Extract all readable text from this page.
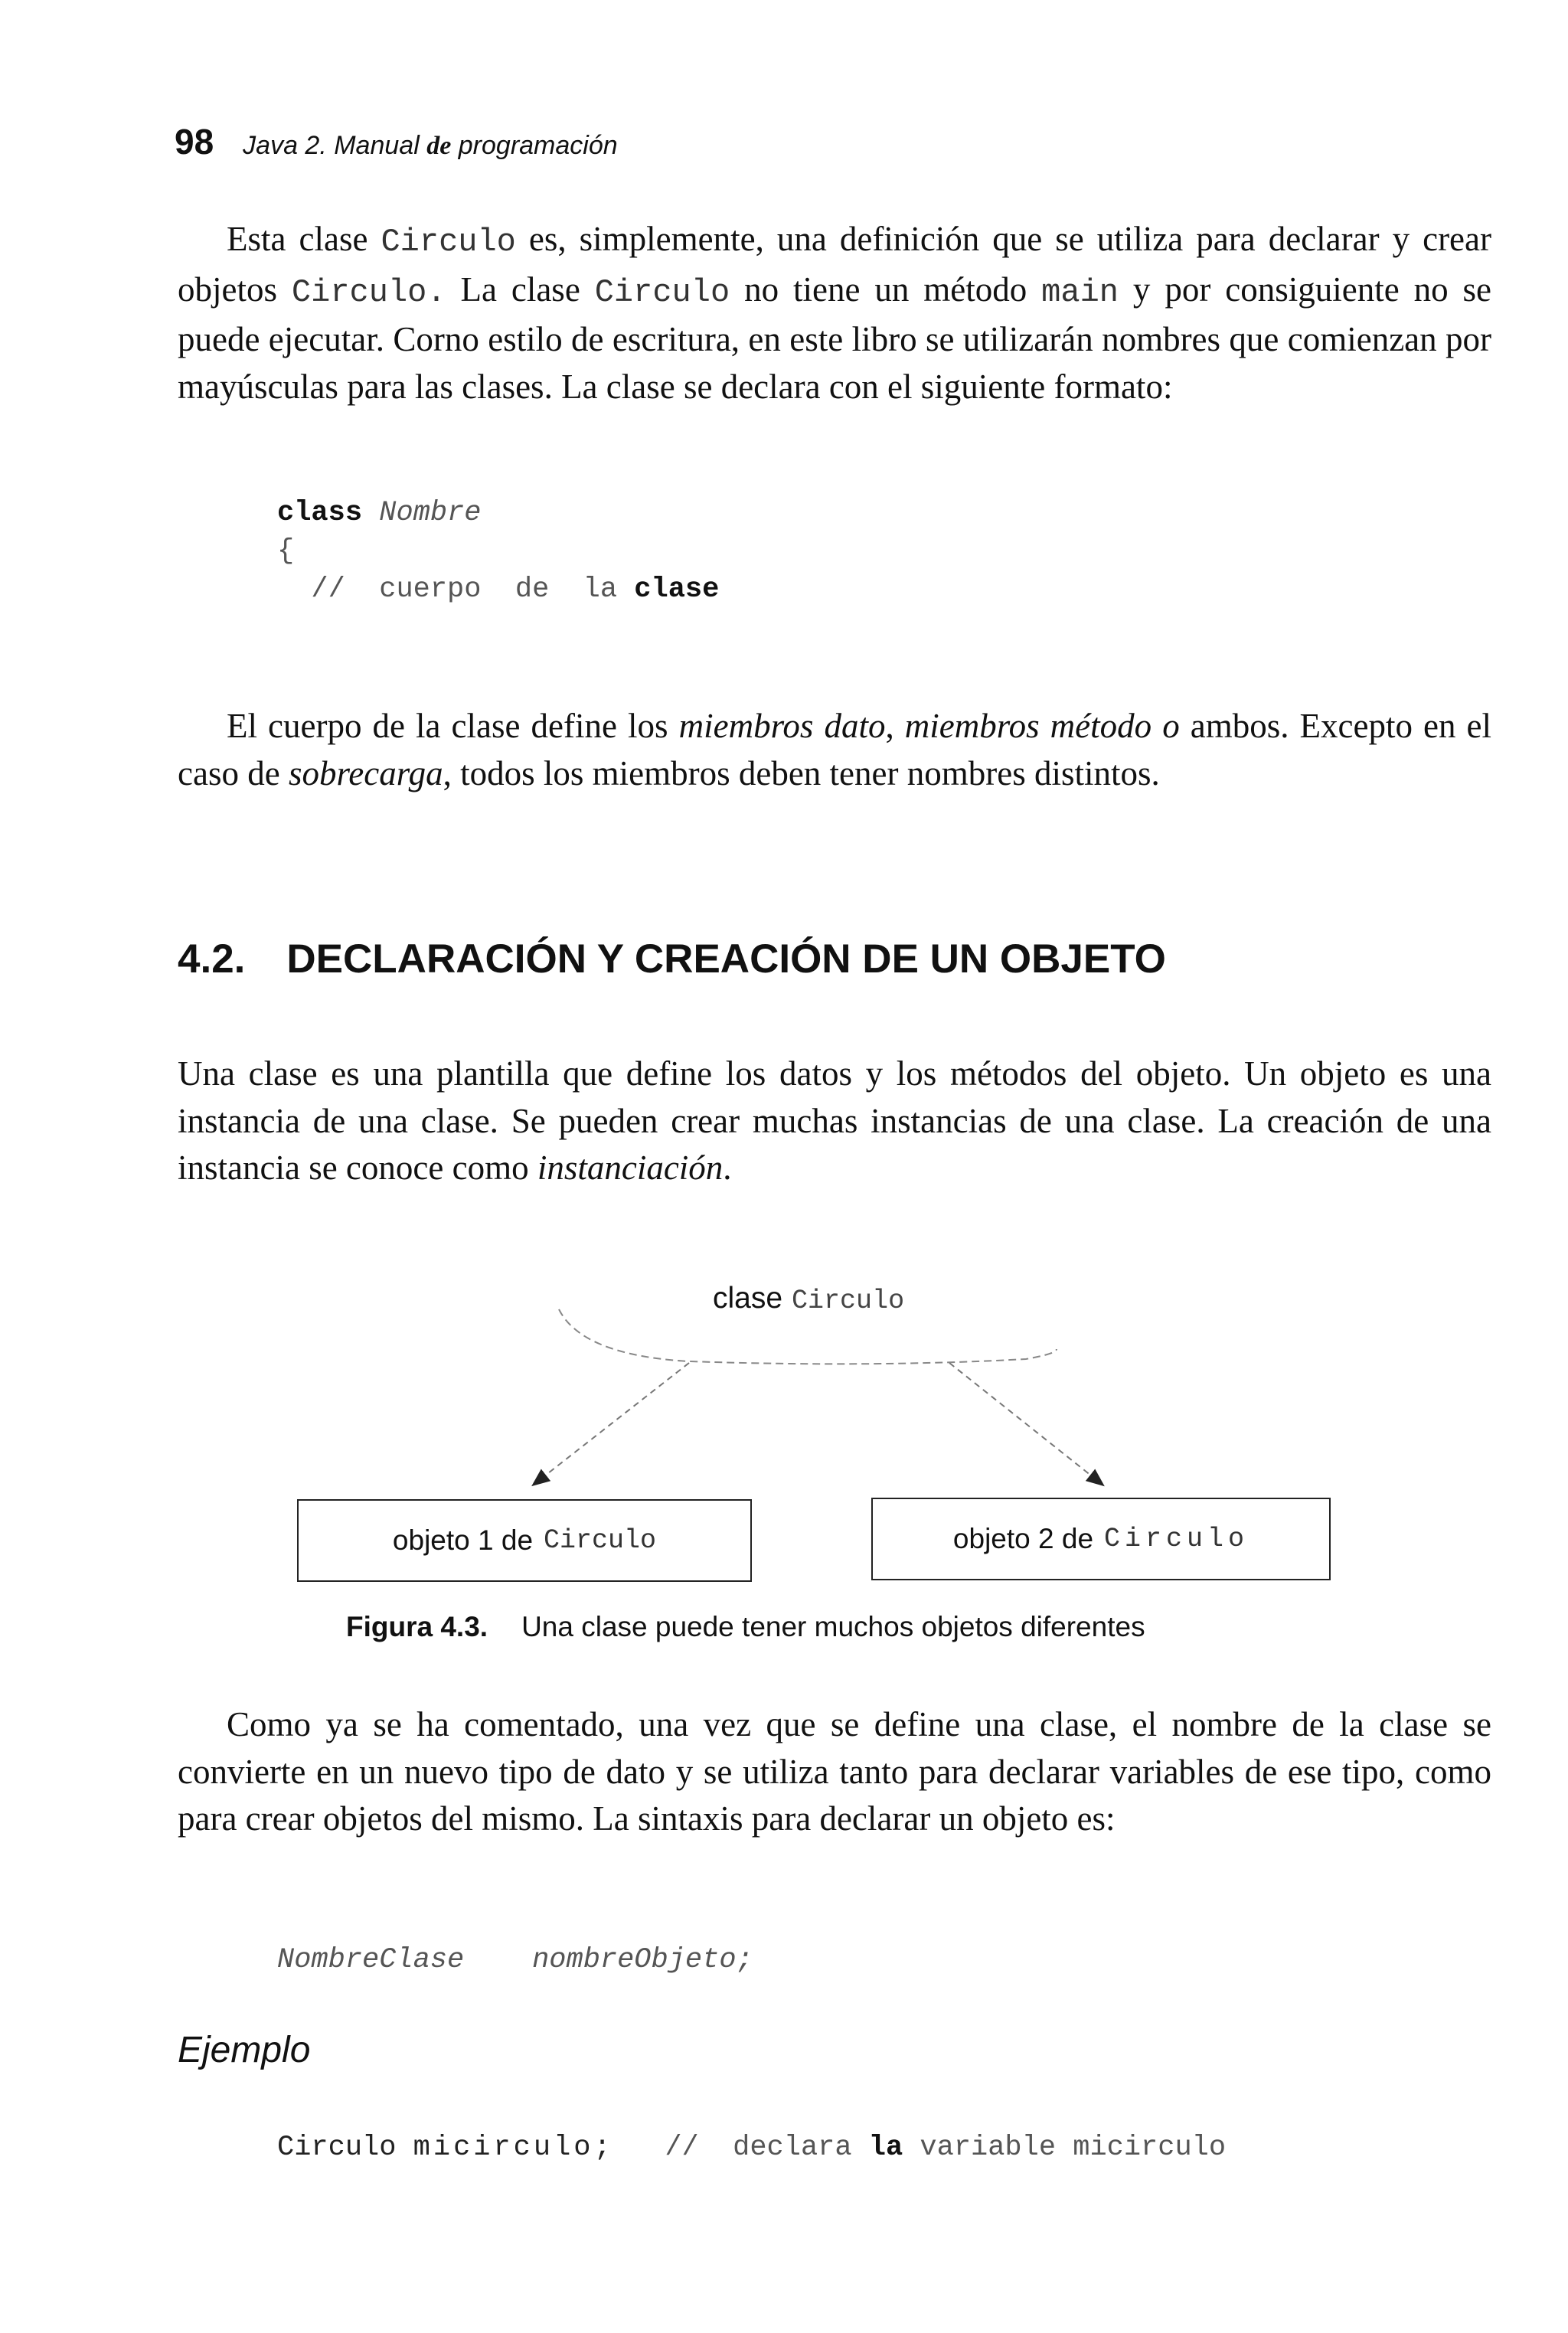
98 Java 2. Manual de programación

Esta clase Circulo es, simplemente, una definición que se utiliza para declarar y crear objetos Circulo. La clase Circulo no tiene un método main y por consiguiente no se puede ejecutar. Corno estilo de escritura, en este libro se utilizarán nombres que comienzan por mayúsculas para las clases. La clase se declara con el siguiente formato:

class Nombre
{
//  cuerpo  de  la clase

El cuerpo de la clase define los miembros dato, miembros método o ambos. Excepto en el caso de sobrecarga, todos los miembros deben tener nombres distintos.

4.2. DECLARACIÓN Y CREACIÓN DE UN OBJETO

Una clase es una plantilla que define los datos y los métodos del objeto. Un objeto es una instancia de una clase. Se pueden crear muchas instancias de una clase. La creación de una instancia se conoce como instanciación.

clase Circulo
objeto 1 de Circulo	objeto 2 de Circulo
Figura 4.3. Una clase puede tener muchos objetos diferentes

Como ya se ha comentado, una vez que se define una clase, el nombre de la clase se convierte en un nuevo tipo de dato y se utiliza tanto para declarar variables de ese tipo, como para crear objetos del mismo. La sintaxis para declarar un objeto es:

NombreClase nombreObjeto;
Ejemplo
Circulo micirculo; //  declara la variable micirculo
